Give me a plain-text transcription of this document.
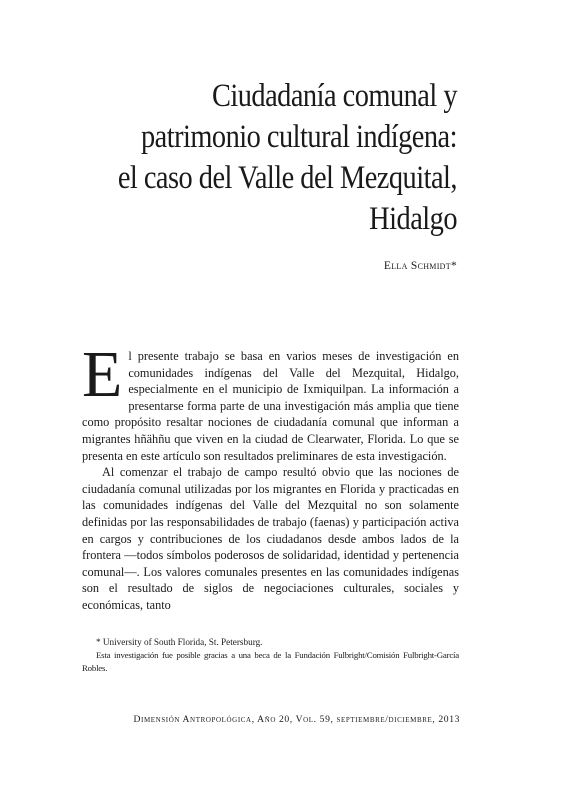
Ciudadanía comunal y
patrimonio cultural indígena:
el caso del Valle del Mezquital,
Hidalgo
Ella Schmidt*

El presente trabajo se basa en varios meses de investigación en comunidades indígenas del Valle del Mezquital, Hidalgo, especialmente en el municipio de Ixmiquilpan. La información a presentarse forma parte de una investigación más amplia que tiene como propósito resaltar nociones de ciudadanía comunal que informan a migrantes hñähñu que viven en la ciudad de Clearwater, Florida. Lo que se presenta en este artículo son resultados preliminares de esta investigación.

Al comenzar el trabajo de campo resultó obvio que las nociones de ciudadanía comunal utilizadas por los migrantes en Florida y practicadas en las comunidades indígenas del Valle del Mezquital no son solamente definidas por las responsabilidades de trabajo (faenas) y participación activa en cargos y contribuciones de los ciudadanos desde ambos lados de la frontera —todos símbolos poderosos de solidaridad, identidad y pertenencia comunal—. Los valores comunales presentes en las comunidades indígenas son el resultado de siglos de negociaciones culturales, sociales y económicas, tanto

* University of South Florida, St. Petersburg.
Esta investigación fue posible gracias a una beca de la Fundación Fulbright/Comisión Fulbright-García Robles.
Dimensión Antropológica, Año 20, Vol. 59, septiembre/diciembre, 2013
